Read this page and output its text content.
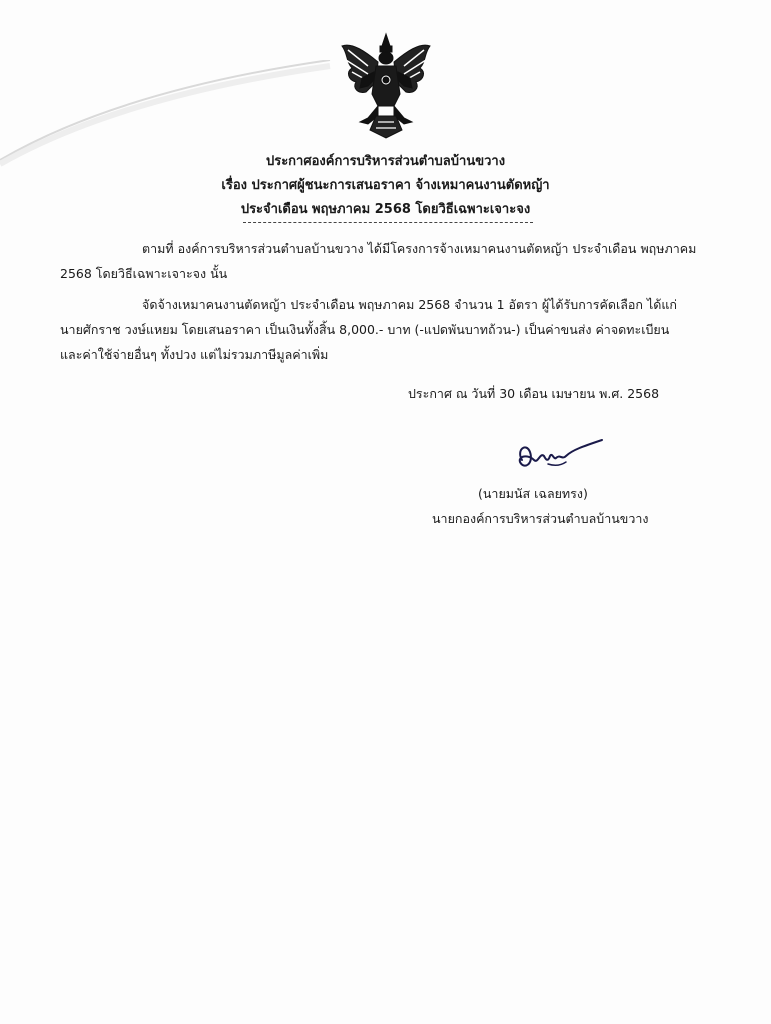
ประกาศองค์การบริหารส่วนตำบลบ้านขวาง
เรื่อง ประกาศผู้ชนะการเสนอราคา จ้างเหมาคนงานตัดหญ้า
ประจำเดือน พฤษภาคม 2568 โดยวิธีเฉพาะเจาะจง
ตามที่ องค์การบริหารส่วนตำบลบ้านขวาง ได้มีโครงการจ้างเหมาคนงานตัดหญ้า ประจำเดือน พฤษภาคม
2568 โดยวิธีเฉพาะเจาะจง นั้น
จัดจ้างเหมาคนงานตัดหญ้า ประจำเดือน พฤษภาคม 2568 จำนวน 1 อัตรา ผู้ได้รับการคัดเลือก ได้แก่
นายศักราช วงษ์แหยม โดยเสนอราคา เป็นเงินทั้งสิ้น 8,000.- บาท (-แปดพันบาทถ้วน-) เป็นค่าขนส่ง ค่าจดทะเบียน
และค่าใช้จ่ายอื่นๆ ทั้งปวง แต่ไม่รวมภาษีมูลค่าเพิ่ม
ประกาศ ณ วันที่ 30 เดือน เมษายน พ.ศ. 2568
(นายมนัส เฉลยทรง)
นายกองค์การบริหารส่วนตำบลบ้านขวาง
